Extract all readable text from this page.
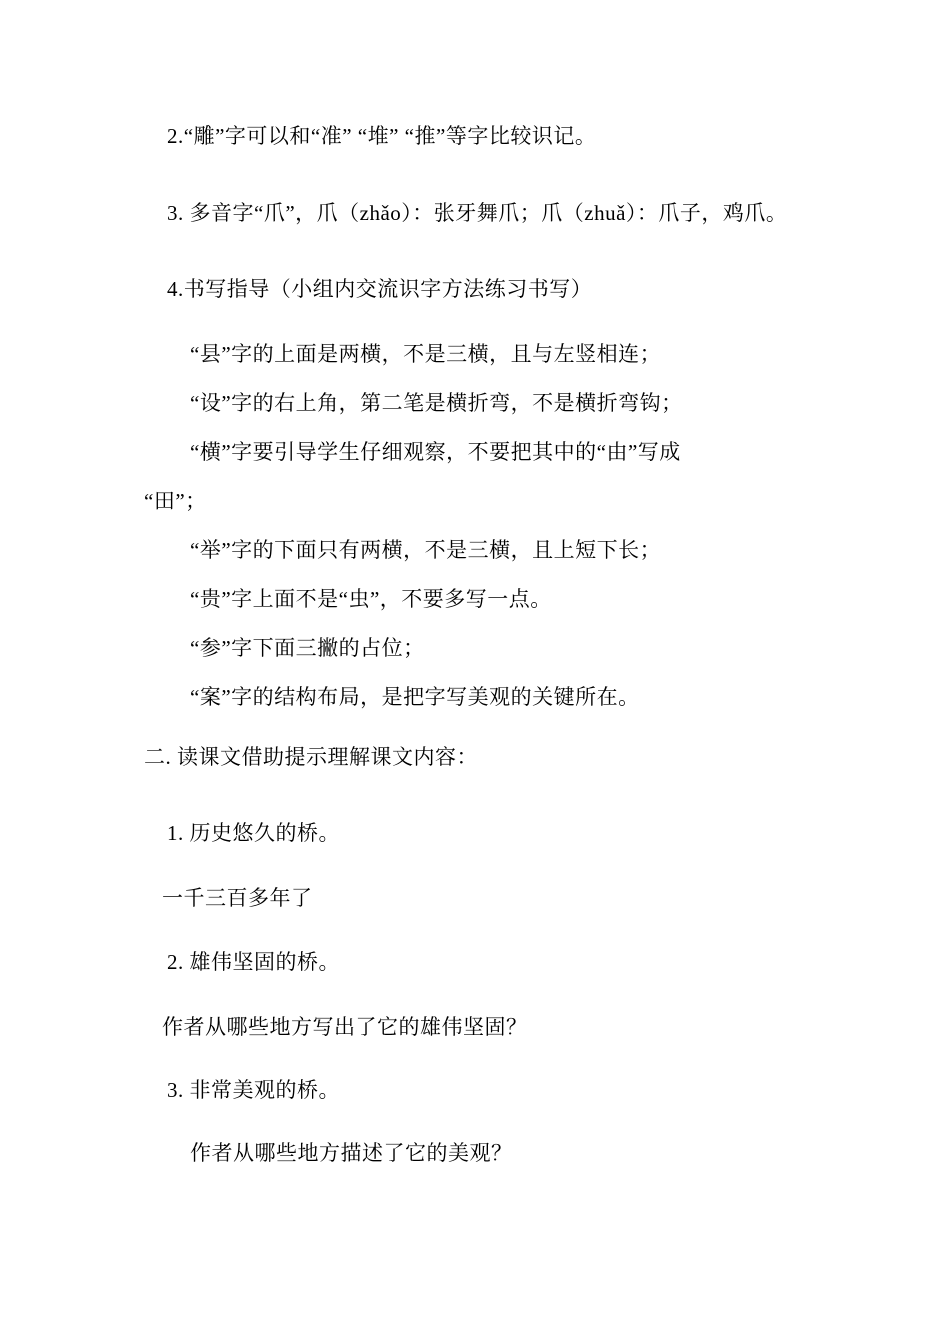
2.“雕”字可以和“准” “堆” “推”等字比较识记。
3. 多音字“爪”，爪（zhǎo）：张牙舞爪；爪（zhuǎ）：爪子，鸡爪。
4.书写指导（小组内交流识字方法练习书写）
“县”字的上面是两横，不是三横，且与左竖相连；
“设”字的右上角，第二笔是横折弯，不是横折弯钩；
“横”字要引导学生仔细观察，不要把其中的“由”写成
“田”；
“举”字的下面只有两横，不是三横，且上短下长；
“贵”字上面不是“虫”，不要多写一点。
“参”字下面三撇的占位；
“案”字的结构布局，是把字写美观的关键所在。
二. 读课文借助提示理解课文内容：
1. 历史悠久的桥。
一千三百多年了
2. 雄伟坚固的桥。
作者从哪些地方写出了它的雄伟坚固？
3. 非常美观的桥。
作者从哪些地方描述了它的美观？
